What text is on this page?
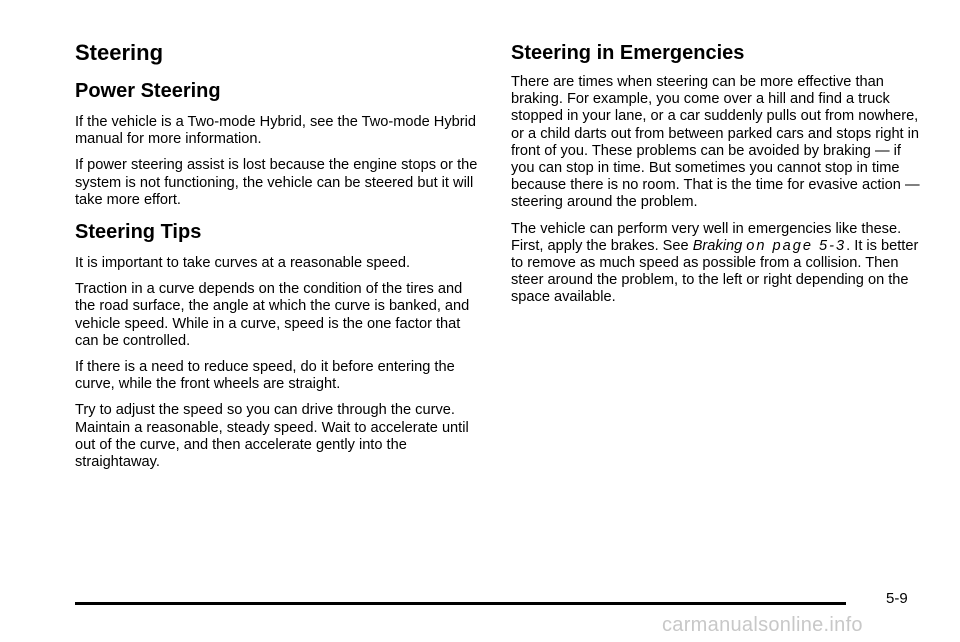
Steering
Power Steering

If the vehicle is a Two-mode Hybrid, see the Two-mode Hybrid manual for more information.

If power steering assist is lost because the engine stops or the system is not functioning, the vehicle can be steered but it will take more effort.

Steering Tips

It is important to take curves at a reasonable speed.

Traction in a curve depends on the condition of the tires and the road surface, the angle at which the curve is banked, and vehicle speed. While in a curve, speed is the one factor that can be controlled.

If there is a need to reduce speed, do it before entering the curve, while the front wheels are straight.

Try to adjust the speed so you can drive through the curve. Maintain a reasonable, steady speed. Wait to accelerate until out of the curve, and then accelerate gently into the straightaway.

Steering in Emergencies

There are times when steering can be more effective than braking. For example, you come over a hill and find a truck stopped in your lane, or a car suddenly pulls out from nowhere, or a child darts out from between parked cars and stops right in front of you. These problems can be avoided by braking — if you can stop in time. But sometimes you cannot stop in time because there is no room. That is the time for evasive action — steering around the problem.

The vehicle can perform very well in emergencies like these. First, apply the brakes. See Braking on page 5‑3. It is better to remove as much speed as possible from a collision. Then steer around the problem, to the left or right depending on the space available.

5-9
carmanualsonline.info
